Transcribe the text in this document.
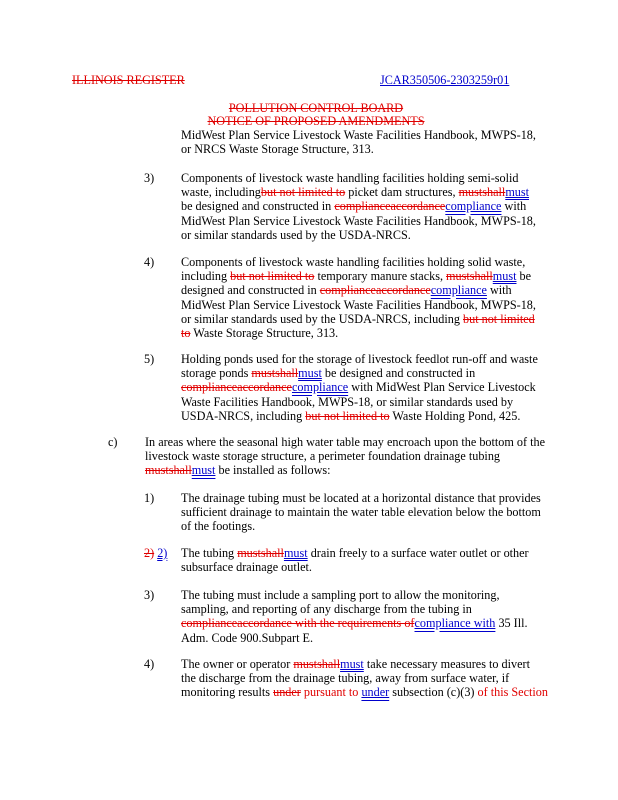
ILLINOIS REGISTER	JCAR350506-2303259r01
POLLUTION CONTROL BOARD
NOTICE OF PROPOSED AMENDMENTS
MidWest Plan Service Livestock Waste Facilities Handbook, MWPS-18,
or NRCS Waste Storage Structure, 313.
3) Components of livestock waste handling facilities holding semi-solid
waste, includingbut not limited to picket dam structures, mustshallmust
be designed and constructed in complianceaccordancecompliance with
MidWest Plan Service Livestock Waste Facilities Handbook, MWPS-18,
or similar standards used by the USDA-NRCS.
4) Components of livestock waste handling facilities holding solid waste,
including but not limited to temporary manure stacks, mustshallmust be
designed and constructed in complianceaccordancecompliance with
MidWest Plan Service Livestock Waste Facilities Handbook, MWPS-18,
or similar standards used by the USDA-NRCS, including but not limited
to Waste Storage Structure, 313.
5) Holding ponds used for the storage of livestock feedlot run-off and waste
storage ponds mustshallmust be designed and constructed in
complianceaccordancecompliance with MidWest Plan Service Livestock
Waste Facilities Handbook, MWPS-18, or similar standards used by
USDA-NRCS, including but not limited to Waste Holding Pond, 425.
c) In areas where the seasonal high water table may encroach upon the bottom of the
livestock waste storage structure, a perimeter foundation drainage tubing
mustshallmust be installed as follows:
1) The drainage tubing must be located at a horizontal distance that provides
sufficient drainage to maintain the water table elevation below the bottom
of the footings.
2) 2) The tubing mustshallmust drain freely to a surface water outlet or other
subsurface drainage outlet.
3) The tubing must include a sampling port to allow the monitoring,
sampling, and reporting of any discharge from the tubing in
complianceaccordance with the requirements ofcompliance with 35 Ill.
Adm. Code 900.Subpart E.
4) The owner or operator mustshallmust take necessary measures to divert
the discharge from the drainage tubing, away from surface water, if
monitoring results under pursuant to under subsection (c)(3) of this Section
